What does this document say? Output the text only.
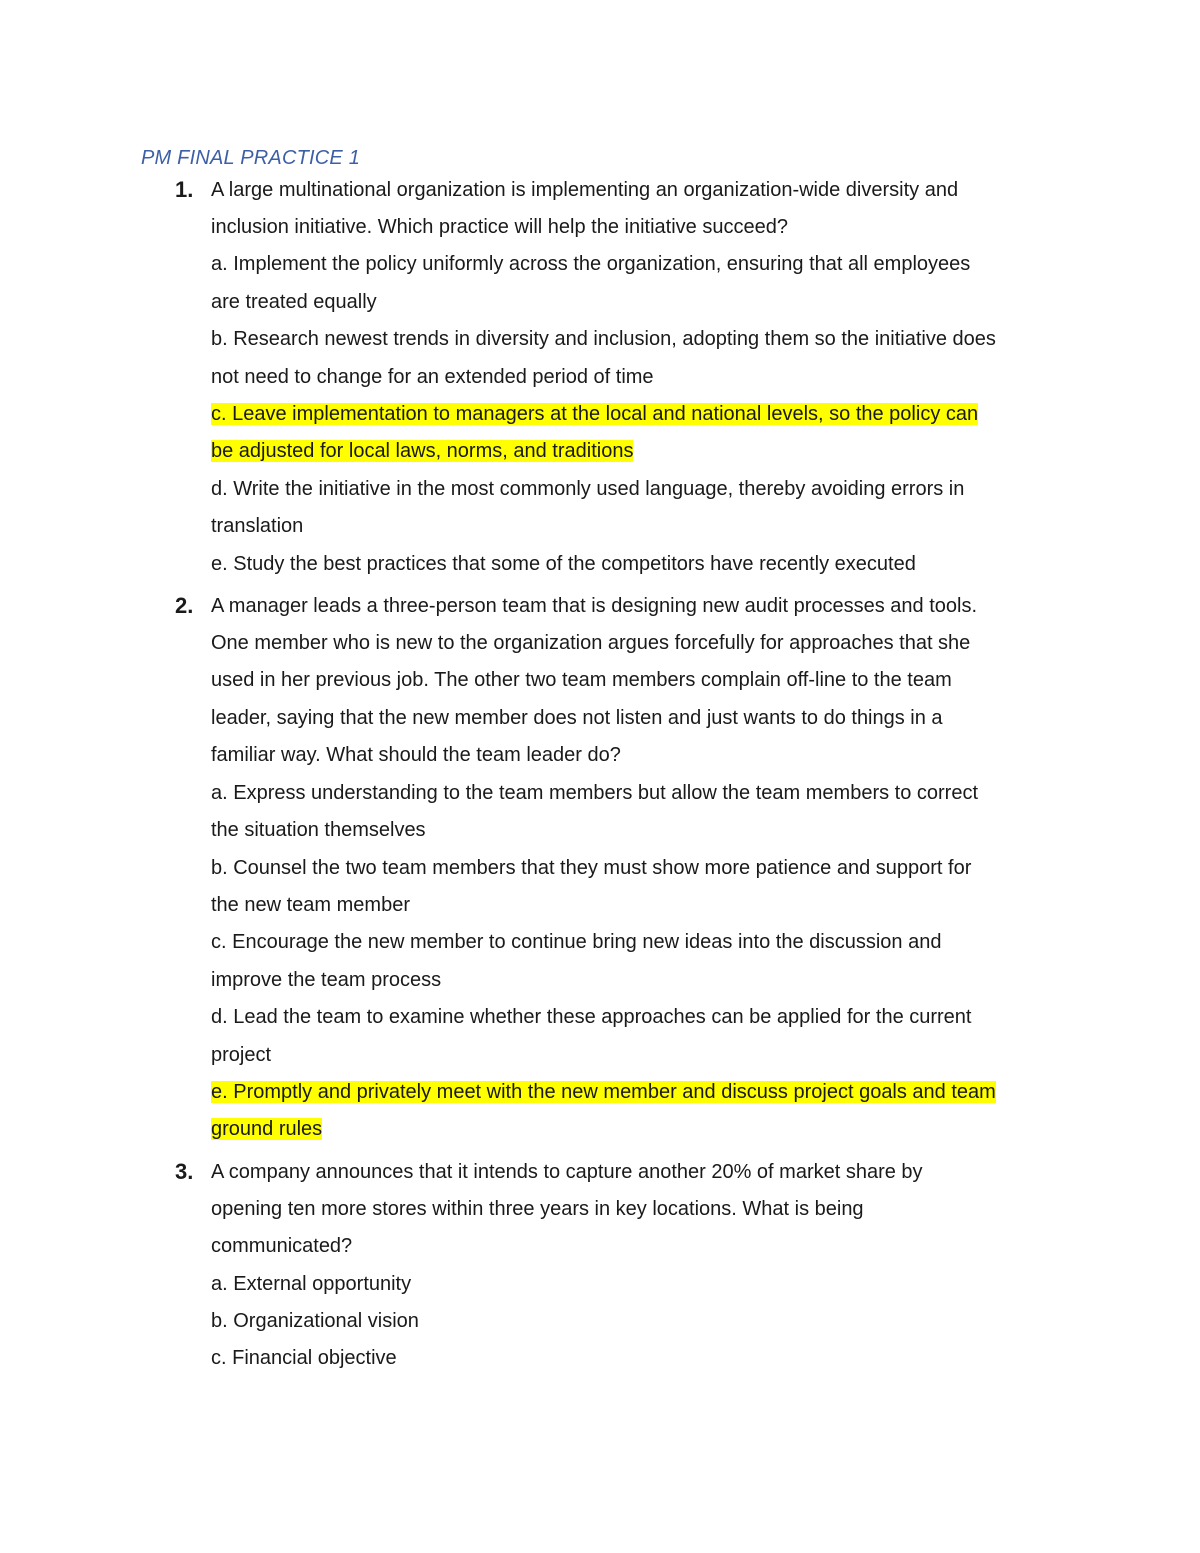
PM FINAL PRACTICE 1
1. A large multinational organization is implementing an organization-wide diversity and
inclusion initiative. Which practice will help the initiative succeed?
a. Implement the policy uniformly across the organization, ensuring that all employees
are treated equally
b. Research newest trends in diversity and inclusion, adopting them so the initiative does
not need to change for an extended period of time
c. Leave implementation to managers at the local and national levels, so the policy can
be adjusted for local laws, norms, and traditions
d. Write the initiative in the most commonly used language, thereby avoiding errors in
translation
e. Study the best practices that some of the competitors have recently executed
2. A manager leads a three-person team that is designing new audit processes and tools.
One member who is new to the organization argues forcefully for approaches that she
used in her previous job. The other two team members complain off-line to the team
leader, saying that the new member does not listen and just wants to do things in a
familiar way. What should the team leader do?
a. Express understanding to the team members but allow the team members to correct
the situation themselves
b. Counsel the two team members that they must show more patience and support for
the new team member
c. Encourage the new member to continue bring new ideas into the discussion and
improve the team process
d. Lead the team to examine whether these approaches can be applied for the current
project
e. Promptly and privately meet with the new member and discuss project goals and team
ground rules
3. A company announces that it intends to capture another 20% of market share by
opening ten more stores within three years in key locations. What is being
communicated?
a. External opportunity
b. Organizational vision
c. Financial objective
